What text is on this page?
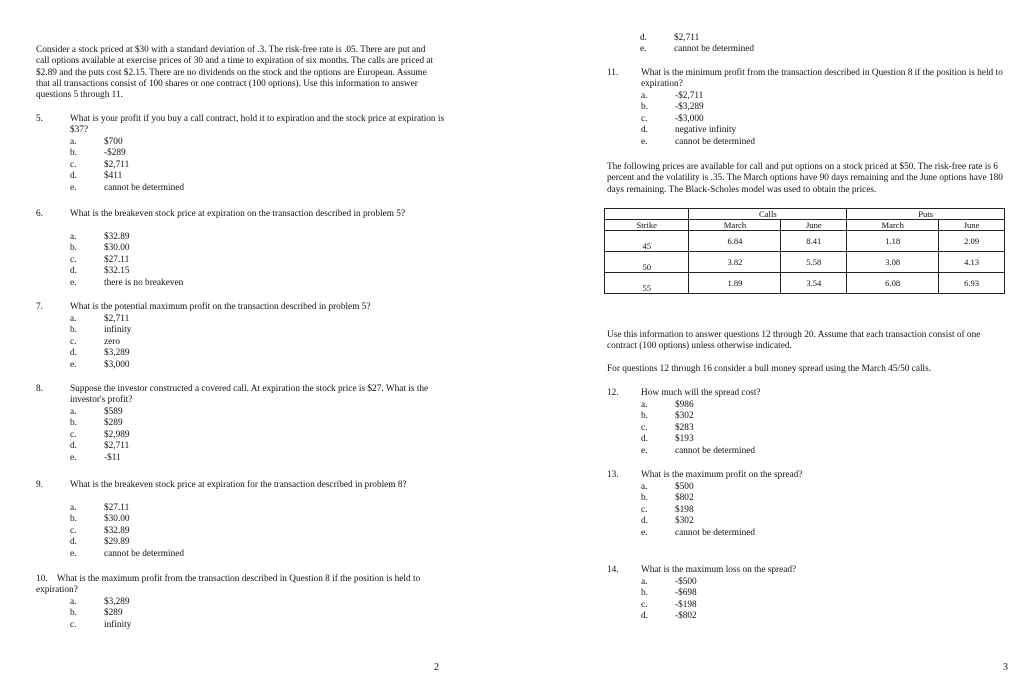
Consider a stock priced at $30 with a standard deviation of .3. The risk-free rate is .05. There are put and call options available at exercise prices of 30 and a time to expiration of six months. The calls are priced at $2.89 and the puts cost $2.15. There are no dividends on the stock and the options are European. Assume that all transactions consist of 100 shares or one contract (100 options). Use this information to answer questions 5 through 11.
5.	What is your profit if you buy a call contract, hold it to expiration and the stock price at expiration is $37?
a.	$700
b.	-$289
c.	$2,711
d.	$411
e.	cannot be determined
6.	What is the breakeven stock price at expiration on the transaction described in problem 5?
a.	$32.89
b.	$30.00
c.	$27.11
d.	$32.15
e.	there is no breakeven
7.	What is the potential maximum profit on the transaction described in problem 5?
a.	$2,711
b.	infinity
c.	zero
d.	$3,289
e.	$3,000
8.	Suppose the investor constructed a covered call. At expiration the stock price is $27. What is the investor's profit?
a.	$589
b.	$289
c.	$2,989
d.	$2,711
e.	-$11
9.	What is the breakeven stock price at expiration for the transaction described in problem 8?
a.	$27.11
b.	$30.00
c.	$32.89
d.	$29.89
e.	cannot be determined
10. What is the maximum profit from the transaction described in Question 8 if the position is held to expiration?
a.	$3,289
b.	$289
c.	infinity
2
d.	$2,711
e.	cannot be determined
11. What is the minimum profit from the transaction described in Question 8 if the position is held to expiration?
a.	-$2,711
b.	-$3,289
c.	-$3,000
d.	negative infinity
e.	cannot be determined
The following prices are available for call and put options on a stock priced at $50. The risk-free rate is 6 percent and the volatility is .35. The March options have 90 days remaining and the June options have 180 days remaining. The Black-Scholes model was used to obtain the prices.
	Calls		Puts	
Strike	March	June	March	June
45	6.84	8.41	1.18	2.09
50	3.82	5.58	3.08	4.13
55	1.89	3.54	6.08	6.93
Use this information to answer questions 12 through 20. Assume that each transaction consist of one contract (100 options) unless otherwise indicated.
For questions 12 through 16 consider a bull money spread using the March 45/50 calls.
12. How much will the spread cost?
a.	$986
b.	$302
c.	$283
d.	$193
e.	cannot be determined
13. What is the maximum profit on the spread?
a.	$500
b.	$802
c.	$198
d.	$302
e.	cannot be determined
14. What is the maximum loss on the spread?
a.	-$500
b.	-$698
c.	-$198
d.	-$802
3
